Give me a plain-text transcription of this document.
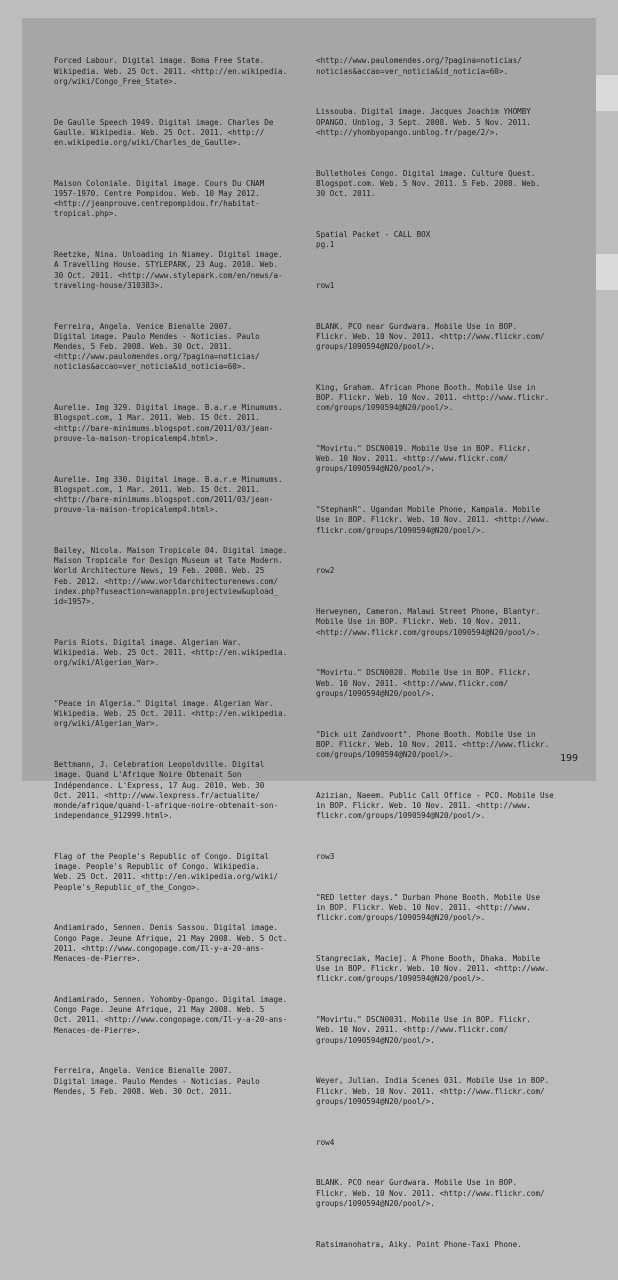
Forced Labour. Digital image. Boma Free State.
Wikipedia. Web. 25 Oct. 2011. <http://en.wikipedia.
org/wiki/Congo_Free_State>.

De Gaulle Speech 1949. Digital image. Charles De
Gaulle. Wikipedia. Web. 25 Oct. 2011. <http://
en.wikipedia.org/wiki/Charles_de_Gaulle>.

Maison Coloniale. Digital image. Cours Du CNAM
1957-1970. Centre Pompidou. Web. 10 May 2012.
<http://jeanprouve.centrepompidou.fr/habitat-
tropical.php>.

Reetzke, Nina. Unloading in Niamey. Digital image.
A Travelling House. STYLEPARK, 23 Aug. 2010. Web.
30 Oct. 2011. <http://www.stylepark.com/en/news/a-
traveling-house/310383>.

Ferreira, Angela. Venice Bienalle 2007.
Digital image. Paulo Mendes - Noticias. Paulo
Mendes, 5 Feb. 2008. Web. 30 Oct. 2011.
<http://www.paulomendes.org/?pagina=noticias/
noticias&accao=ver_noticia&id_noticia=60>.

Aurelie. Img 329. Digital image. B.a.r.e Minumums.
Blogspot.com, 1 Mar. 2011. Web. 15 Oct. 2011.
<http://bare-minimums.blogspot.com/2011/03/jean-
prouve-la-maison-tropicalemp4.html>.

Aurelie. Img 330. Digital image. B.a.r.e Minumums.
Blogspot.com, 1 Mar. 2011. Web. 15 Oct. 2011.
<http://bare-minimums.blogspot.com/2011/03/jean-
prouve-la-maison-tropicalemp4.html>.

Bailey, Nicola. Maison Tropicale 04. Digital image.
Maison Tropicale for Design Museum at Tate Modern.
World Architecture News, 19 Feb. 2008. Web. 25
Feb. 2012. <http://www.worldarchitecturenews.com/
index.php?fuseaction=wanappln.projectview&upload_
id=1957>.

Paris Riots. Digital image. Algerian War.
Wikipedia. Web. 25 Oct. 2011. <http://en.wikipedia.
org/wiki/Algerian_War>.

"Peace in Algeria." Digital image. Algerian War.
Wikipedia. Web. 25 Oct. 2011. <http://en.wikipedia.
org/wiki/Algerian_War>.

Bettmann, J. Celebration Leopoldville. Digital
image. Quand L'Afrique Noire Obtenait Son
Indépendance. L'Express, 17 Aug. 2010. Web. 30
Oct. 2011. <http://www.lexpress.fr/actualite/
monde/afrique/quand-l-afrique-noire-obtenait-son-
independance_912999.html>.

Flag of the People's Republic of Congo. Digital
image. People's Republic of Congo. Wikipedia.
Web. 25 Oct. 2011. <http://en.wikipedia.org/wiki/
People's_Republic_of_the_Congo>.

Andiamirado, Sennen. Denis Sassou. Digital image.
Congo Page. Jeune Afrique, 21 May 2008. Web. 5 Oct.
2011. <http://www.congopage.com/Il-y-a-20-ans-
Menaces-de-Pierre>.

Andiamirado, Sennen. Yohomby-Opango. Digital image.
Congo Page. Jeune Afrique, 21 May 2008. Web. 5
Oct. 2011. <http://www.congopage.com/Il-y-a-20-ans-
Menaces-de-Pierre>.

Ferreira, Angela. Venice Bienalle 2007.
Digital image. Paulo Mendes - Noticias. Paulo
Mendes, 5 Feb. 2008. Web. 30 Oct. 2011.

<http://www.paulomendes.org/?pagina=noticias/
noticias&accao=ver_noticia&id_noticia=60>.

Lissouba. Digital image. Jacques Joachim YHOMBY
OPANGO. Unblog, 3 Sept. 2008. Web. 5 Nov. 2011.
<http://yhombyopango.unblog.fr/page/2/>.

Bulletholes Congo. Digital image. Culture Quest.
Blogspot.com. Web. 5 Nov. 2011. 5 Feb. 2008. Web.
30 Oct. 2011.

Spatial Packet - CALL BOX
pg.1

row1

BLANK. PCO near Gurdwara. Mobile Use in BOP.
Flickr. Web. 10 Nov. 2011. <http://www.flickr.com/
groups/1090594@N20/pool/>.

King, Graham. African Phone Booth. Mobile Use in
BOP. Flickr. Web. 10 Nov. 2011. <http://www.flickr.
com/groups/1090594@N20/pool/>.

"Movirtu." DSCN0019. Mobile Use in BOP. Flickr.
Web. 10 Nov. 2011. <http://www.flickr.com/
groups/1090594@N20/pool/>.

"StephanR". Ugandan Mobile Phone, Kampala. Mobile
Use in BOP. Flickr. Web. 10 Nov. 2011. <http://www.
flickr.com/groups/1090594@N20/pool/>.

row2

Herweynen, Cameron. Malawi Street Phone, Blantyr.
Mobile Use in BOP. Flickr. Web. 10 Nov. 2011.
<http://www.flickr.com/groups/1090594@N20/pool/>.

"Movirtu." DSCN0020. Mobile Use in BOP. Flickr.
Web. 10 Nov. 2011. <http://www.flickr.com/
groups/1090594@N20/pool/>.

"Dick uit Zandvoort". Phone Booth. Mobile Use in
BOP. Flickr. Web. 10 Nov. 2011. <http://www.flickr.
com/groups/1090594@N20/pool/>.

Azizian, Naeem. Public Call Office - PCO. Mobile Use
in BOP. Flickr. Web. 10 Nov. 2011. <http://www.
flickr.com/groups/1090594@N20/pool/>.

row3

"RED letter days." Durban Phone Booth. Mobile Use
in BOP. Flickr. Web. 10 Nov. 2011. <http://www.
flickr.com/groups/1090594@N20/pool/>.

Stangreciak, Maciej. A Phone Booth, Dhaka. Mobile
Use in BOP. Flickr. Web. 10 Nov. 2011. <http://www.
flickr.com/groups/1090594@N20/pool/>.

"Movirtu." DSCN0031. Mobile Use in BOP. Flickr.
Web. 10 Nov. 2011. <http://www.flickr.com/
groups/1090594@N20/pool/>.

Weyer, Julian. India Scenes 031. Mobile Use in BOP.
Flickr. Web. 10 Nov. 2011. <http://www.flickr.com/
groups/1090594@N20/pool/>.

row4

BLANK. PCO near Gurdwara. Mobile Use in BOP.
Flickr. Web. 10 Nov. 2011. <http://www.flickr.com/
groups/1090594@N20/pool/>.

Ratsimanohatra, Aiky. Point Phone-Taxi Phone.

199
